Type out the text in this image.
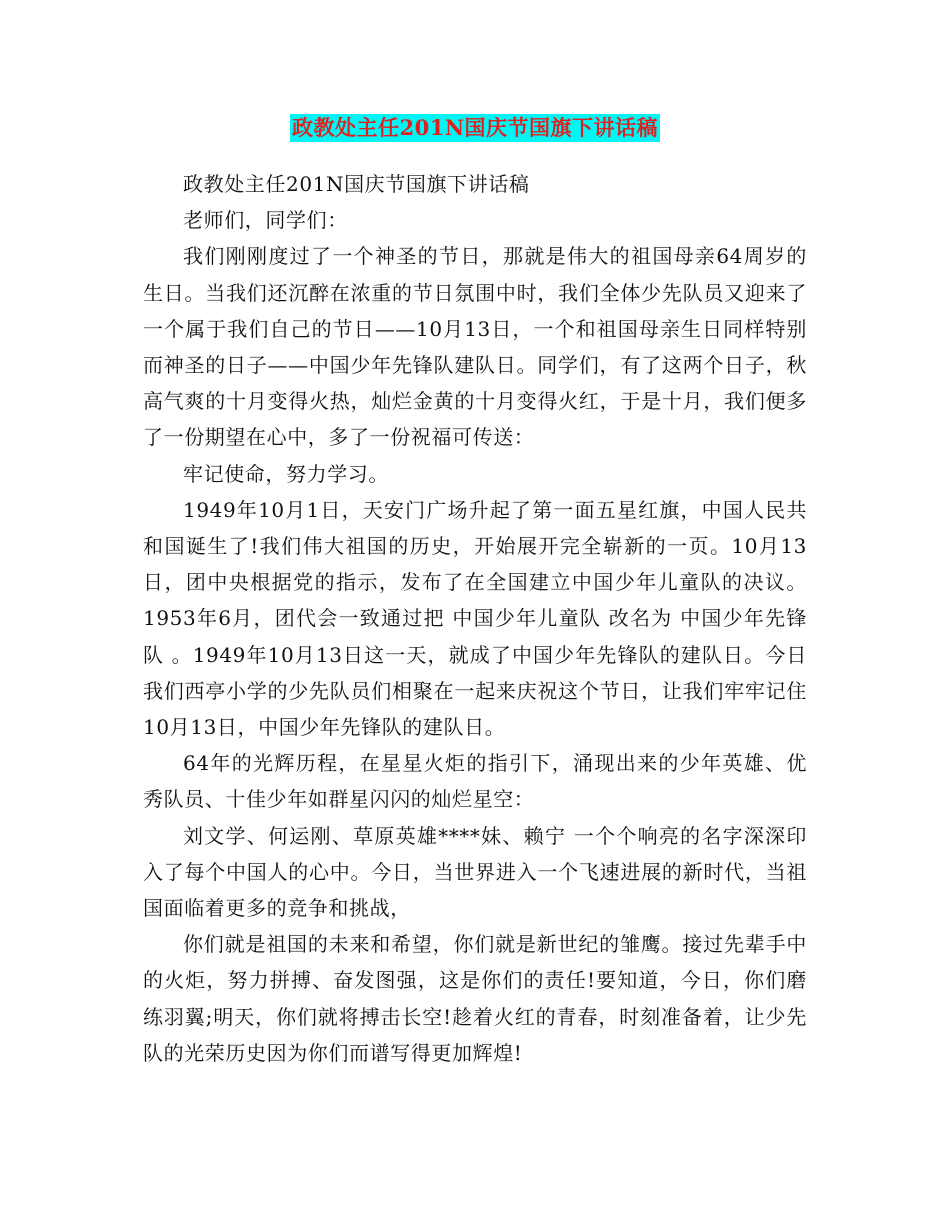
政教处主任201N国庆节国旗下讲话稿

政教处主任201N国庆节国旗下讲话稿

老师们，同学们：

我们刚刚度过了一个神圣的节日，那就是伟大的祖国母亲64周岁的生日。当我们还沉醉在浓重的节日氛围中时，我们全体少先队员又迎来了一个属于我们自己的节日——10月13日，一个和祖国母亲生日同样特别而神圣的日子——中国少年先锋队建队日。同学们，有了这两个日子，秋高气爽的十月变得火热，灿烂金黄的十月变得火红，于是十月，我们便多了一份期望在心中，多了一份祝福可传送：

牢记使命，努力学习。

1949年10月1日，天安门广场升起了第一面五星红旗，中国人民共和国诞生了!我们伟大祖国的历史，开始展开完全崭新的一页。10月13日，团中央根据党的指示，发布了在全国建立中国少年儿童队的决议。1953年6月，团代会一致通过把 中国少年儿童队 改名为 中国少年先锋队 。1949年10月13日这一天，就成了中国少年先锋队的建队日。今日我们西亭小学的少先队员们相聚在一起来庆祝这个节日，让我们牢牢记住10月13日，中国少年先锋队的建队日。

64年的光辉历程，在星星火炬的指引下，涌现出来的少年英雄、优秀队员、十佳少年如群星闪闪的灿烂星空：

刘文学、何运刚、草原英雄****妹、赖宁 一个个响亮的名字深深印入了每个中国人的心中。今日，当世界进入一个飞速进展的新时代，当祖国面临着更多的竞争和挑战，

你们就是祖国的未来和希望，你们就是新世纪的雏鹰。接过先辈手中的火炬，努力拼搏、奋发图强，这是你们的责任!要知道，今日，你们磨练羽翼;明天，你们就将搏击长空!趁着火红的青春，时刻准备着，让少先队的光荣历史因为你们而谱写得更加辉煌!
